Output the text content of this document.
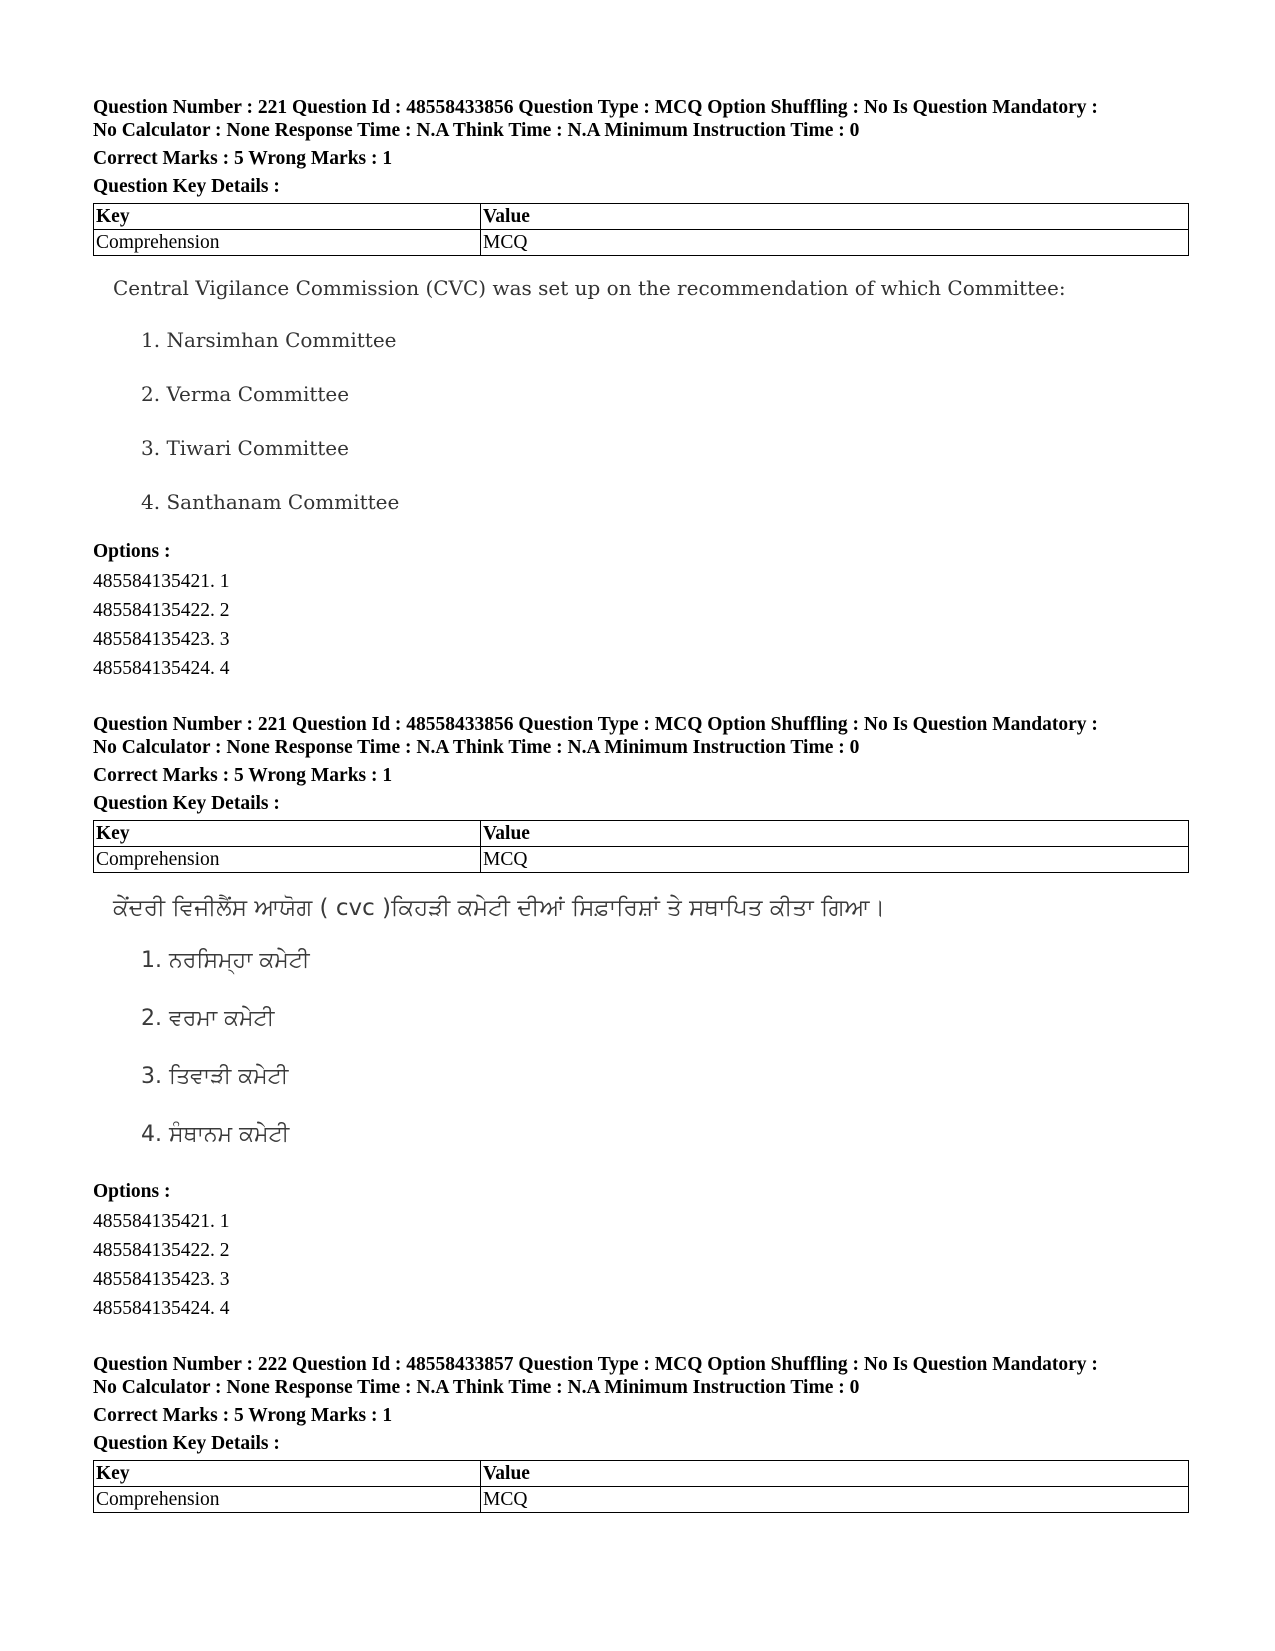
Question Number : 221 Question Id : 48558433856 Question Type : MCQ Option Shuffling : No Is Question Mandatory :
No Calculator : None Response Time : N.A Think Time : N.A Minimum Instruction Time : 0

Correct Marks : 5 Wrong Marks : 1
Question Key Details :
Key	Value
Comprehension	MCQ
Central Vigilance Commission (CVC) was set up on the recommendation of which Committee:
1. Narsimhan Committee
2. Verma Committee
3. Tiwari Committee
4. Santhanam Committee
Options :
485584135421. 1
485584135422. 2
485584135423. 3
485584135424. 4

Question Number : 221 Question Id : 48558433856 Question Type : MCQ Option Shuffling : No Is Question Mandatory :
No Calculator : None Response Time : N.A Think Time : N.A Minimum Instruction Time : 0

Correct Marks : 5 Wrong Marks : 1
Question Key Details :
Key	Value
Comprehension	MCQ
ਕੇਂਦਰੀ ਵਿਜੀਲੈਂਸ ਆਯੋਗ ( cvc )ਕਿਹੜੀ ਕਮੇਟੀ ਦੀਆਂ ਸਿਫ਼ਾਰਿਸ਼ਾਂ ਤੇ ਸਥਾਪਿਤ ਕੀਤਾ ਗਿਆ।
1. ਨਰਸਿਮ੍ਹਾ ਕਮੇਟੀ
2. ਵਰਮਾ ਕਮੇਟੀ
3. ਤਿਵਾੜੀ ਕਮੇਟੀ
4. ਸੰਥਾਨਮ ਕਮੇਟੀ
Options :
485584135421. 1
485584135422. 2
485584135423. 3
485584135424. 4

Question Number : 222 Question Id : 48558433857 Question Type : MCQ Option Shuffling : No Is Question Mandatory :
No Calculator : None Response Time : N.A Think Time : N.A Minimum Instruction Time : 0

Correct Marks : 5 Wrong Marks : 1
Question Key Details :
Key	Value
Comprehension	MCQ
